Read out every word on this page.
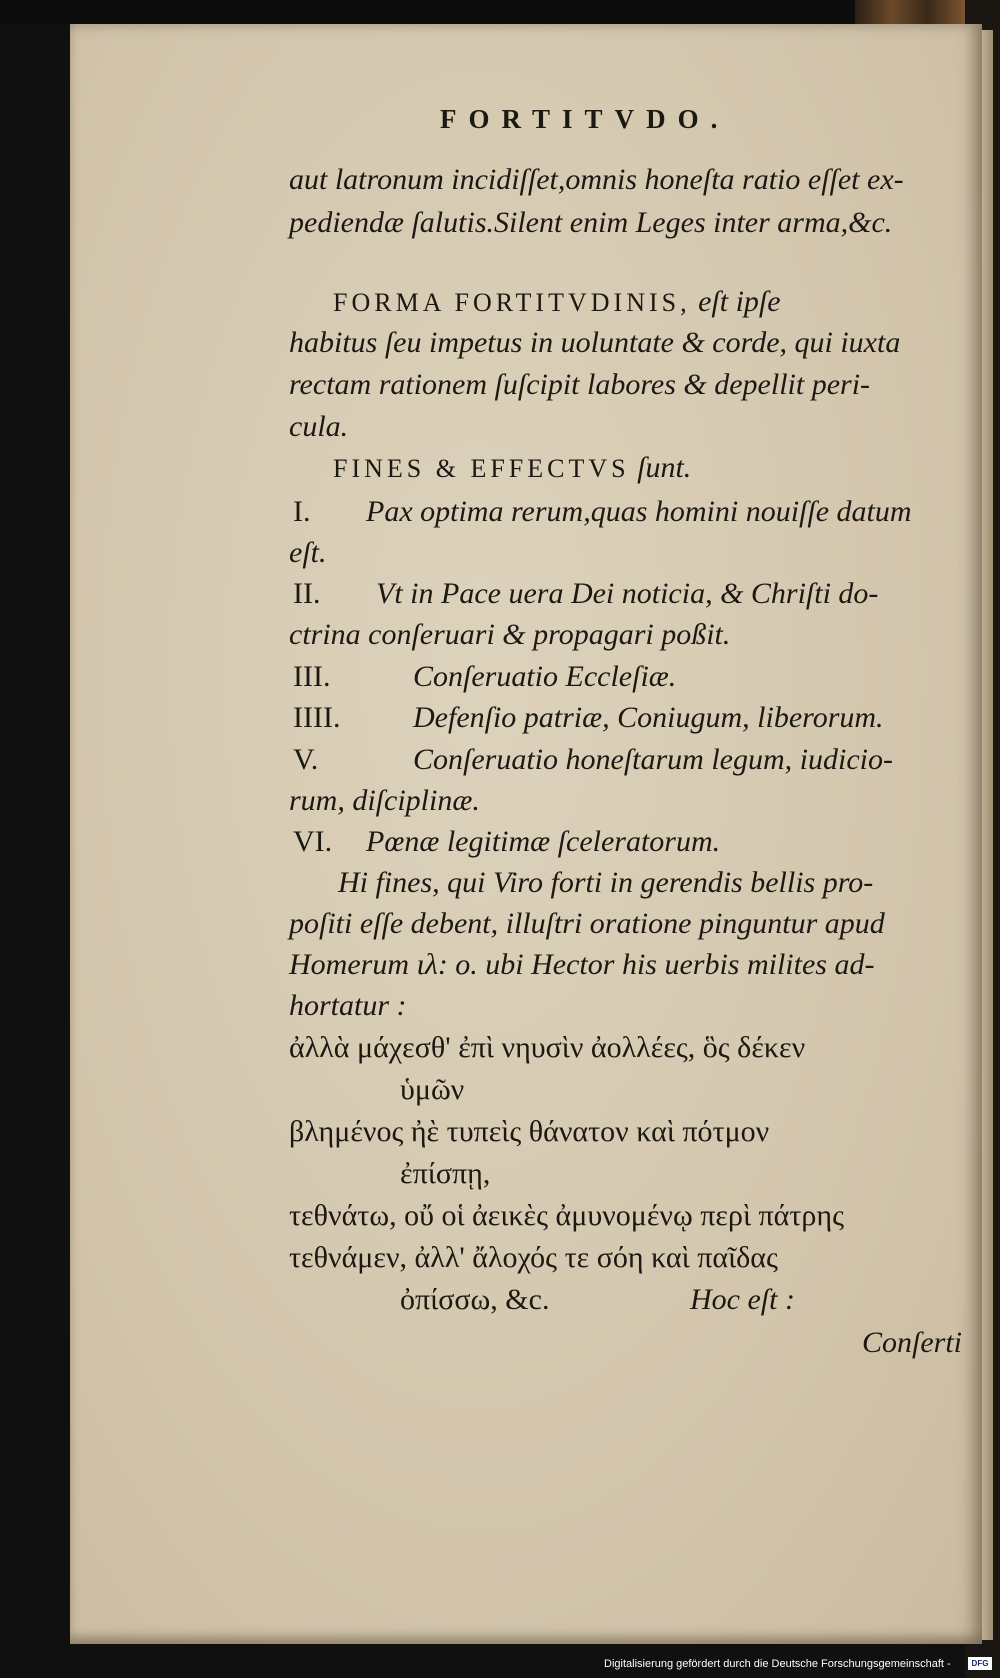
FORTITVDO.
aut latronum incidiſſet,omnis honeſta ratio eſſet ex-
pediendæ ſalutis.Silent enim Leges inter arma,&c.
FORMA FORTITVDINIS, eſt ipſe
habitus ſeu impetus in uoluntate & corde, qui iuxta
rectam rationem ſuſcipit labores & depellit peri-
cula.
FINES & EFFECTVS ſunt.
I. Pax optima rerum,quas homini nouiſſe datum
eſt.
II. Vt in Pace uera Dei noticia, & Chriſti do-
ctrina conſeruari & propagari poßit.
III.	Conſeruatio Eccleſiæ.
IIII. Defenſio patriæ, Coniugum, liberorum.
V.	Conſeruatio honeſtarum legum, iudicio-
rum, diſciplinæ.
VI. Pœnæ legitimæ ſceleratorum.
Hi fines, qui Viro forti in gerendis bellis pro-
poſiti eſſe debent, illuſtri oratione pinguntur apud
Homerum ιλ: ο. ubi Hector his uerbis milites ad-
hortatur :
ἀλλὰ μάχεσθ' ἐπὶ νηυσὶν ἀολλέες, ὃς δέκεν
ὑμῶν
βλημένος ἠὲ τυπεὶς θάνατον καὶ πότμον
ἐπίσπῃ,
τεθνάτω, οὔ οἱ ἀεικὲς ἀμυνομένῳ περὶ πάτρης
τεθνάμεν, ἀλλ' ἄλοχός τε σόη καὶ παῖδας
ὀπίσσω, &c.	Hoc eſt :
Conſerti
Digitalisierung gefördert durch die Deutsche Forschungsgemeinschaft -	DFG
